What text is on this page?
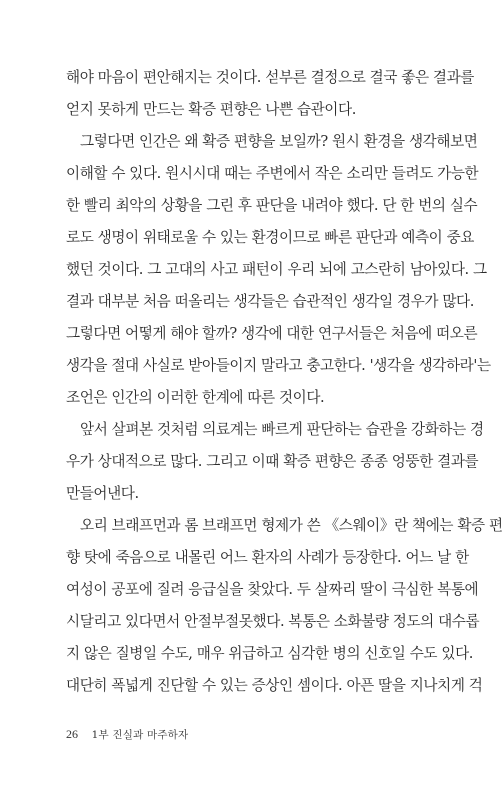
해야 마음이 편안해지는 것이다. 섣부른 결정으로 결국 좋은 결과를
얻지 못하게 만드는 확증 편향은 나쁜 습관이다.
그렇다면 인간은 왜 확증 편향을 보일까? 원시 환경을 생각해보면
이해할 수 있다. 원시시대 때는 주변에서 작은 소리만 들려도 가능한
한 빨리 최악의 상황을 그린 후 판단을 내려야 했다. 단 한 번의 실수
로도 생명이 위태로울 수 있는 환경이므로 빠른 판단과 예측이 중요
했던 것이다. 그 고대의 사고 패턴이 우리 뇌에 고스란히 남아있다. 그
결과 대부분 처음 떠올리는 생각들은 습관적인 생각일 경우가 많다.
그렇다면 어떻게 해야 할까? 생각에 대한 연구서들은 처음에 떠오른
생각을 절대 사실로 받아들이지 말라고 충고한다. '생각을 생각하라'는
조언은 인간의 이러한 한계에 따른 것이다.
앞서 살펴본 것처럼 의료계는 빠르게 판단하는 습관을 강화하는 경
우가 상대적으로 많다. 그리고 이때 확증 편향은 종종 엉뚱한 결과를
만들어낸다.
오리 브래프먼과 롬 브래프먼 형제가 쓴 《스웨이》란 책에는 확증 편
향 탓에 죽음으로 내몰린 어느 환자의 사례가 등장한다. 어느 날 한
여성이 공포에 질려 응급실을 찾았다. 두 살짜리 딸이 극심한 복통에
시달리고 있다면서 안절부절못했다. 복통은 소화불량 정도의 대수롭
지 않은 질병일 수도, 매우 위급하고 심각한 병의 신호일 수도 있다.
대단히 폭넓게 진단할 수 있는 증상인 셈이다. 아픈 딸을 지나치게 걱
26 1부 진실과 마주하자
